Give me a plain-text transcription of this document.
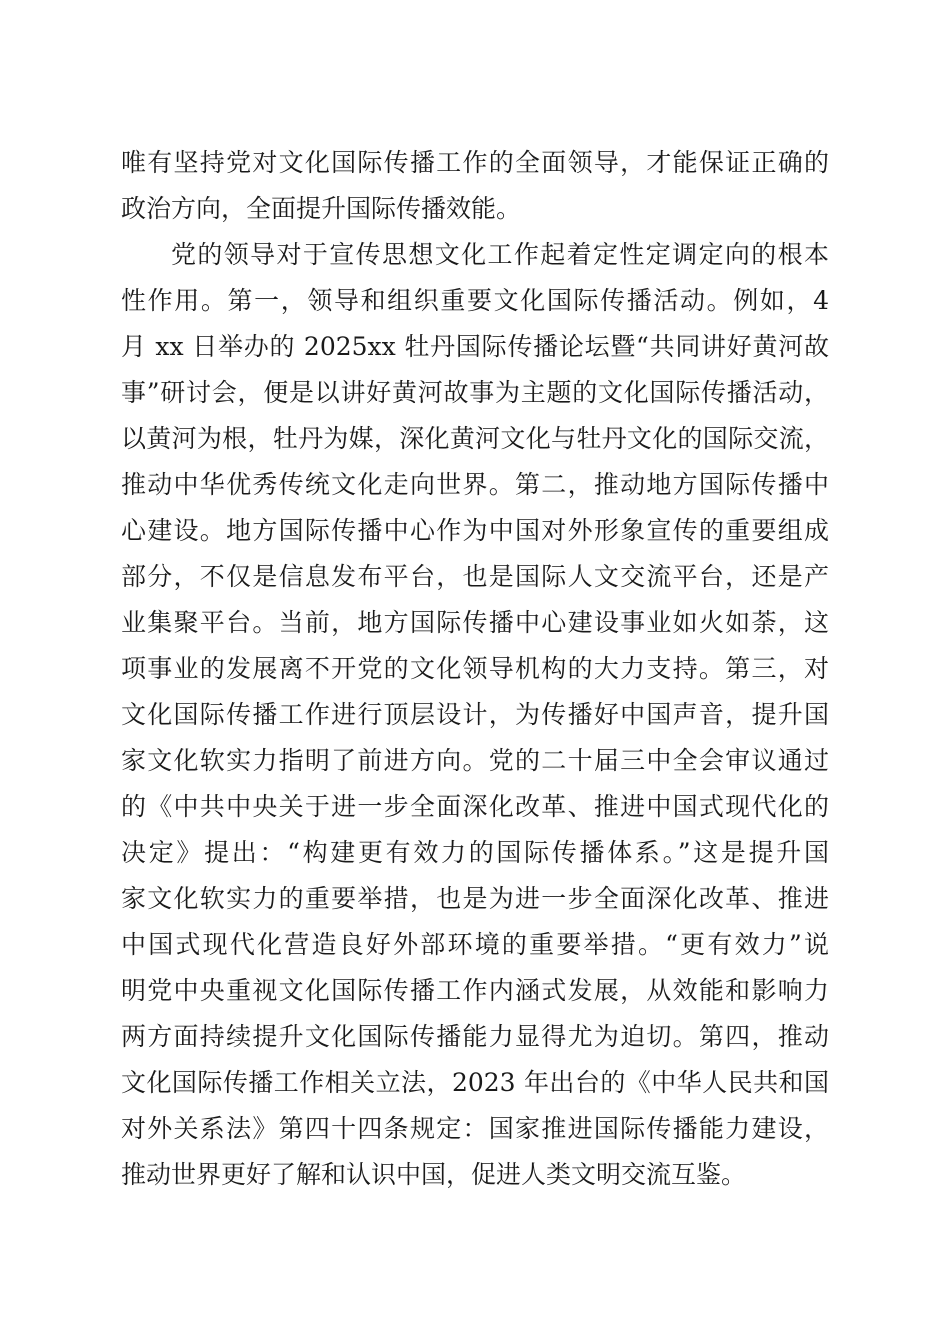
唯有坚持党对文化国际传播工作的全面领导，才能保证正确的
政治方向，全面提升国际传播效能。
党的领导对于宣传思想文化工作起着定性定调定向的根本
性作用。第一，领导和组织重要文化国际传播活动。例如，4
月 xx 日举办的 2025xx 牡丹国际传播论坛暨“共同讲好黄河故
事”研讨会，便是以讲好黄河故事为主题的文化国际传播活动，
以黄河为根，牡丹为媒，深化黄河文化与牡丹文化的国际交流，
推动中华优秀传统文化走向世界。第二，推动地方国际传播中
心建设。地方国际传播中心作为中国对外形象宣传的重要组成
部分，不仅是信息发布平台，也是国际人文交流平台，还是产
业集聚平台。当前，地方国际传播中心建设事业如火如荼，这
项事业的发展离不开党的文化领导机构的大力支持。第三，对
文化国际传播工作进行顶层设计，为传播好中国声音，提升国
家文化软实力指明了前进方向。党的二十届三中全会审议通过
的《中共中央关于进一步全面深化改革、推进中国式现代化的
决定》提出：“构建更有效力的国际传播体系。”这是提升国
家文化软实力的重要举措，也是为进一步全面深化改革、推进
中国式现代化营造良好外部环境的重要举措。“更有效力”说
明党中央重视文化国际传播工作内涵式发展，从效能和影响力
两方面持续提升文化国际传播能力显得尤为迫切。第四，推动
文化国际传播工作相关立法，2023 年出台的《中华人民共和国
对外关系法》第四十四条规定：国家推进国际传播能力建设，
推动世界更好了解和认识中国，促进人类文明交流互鉴。
